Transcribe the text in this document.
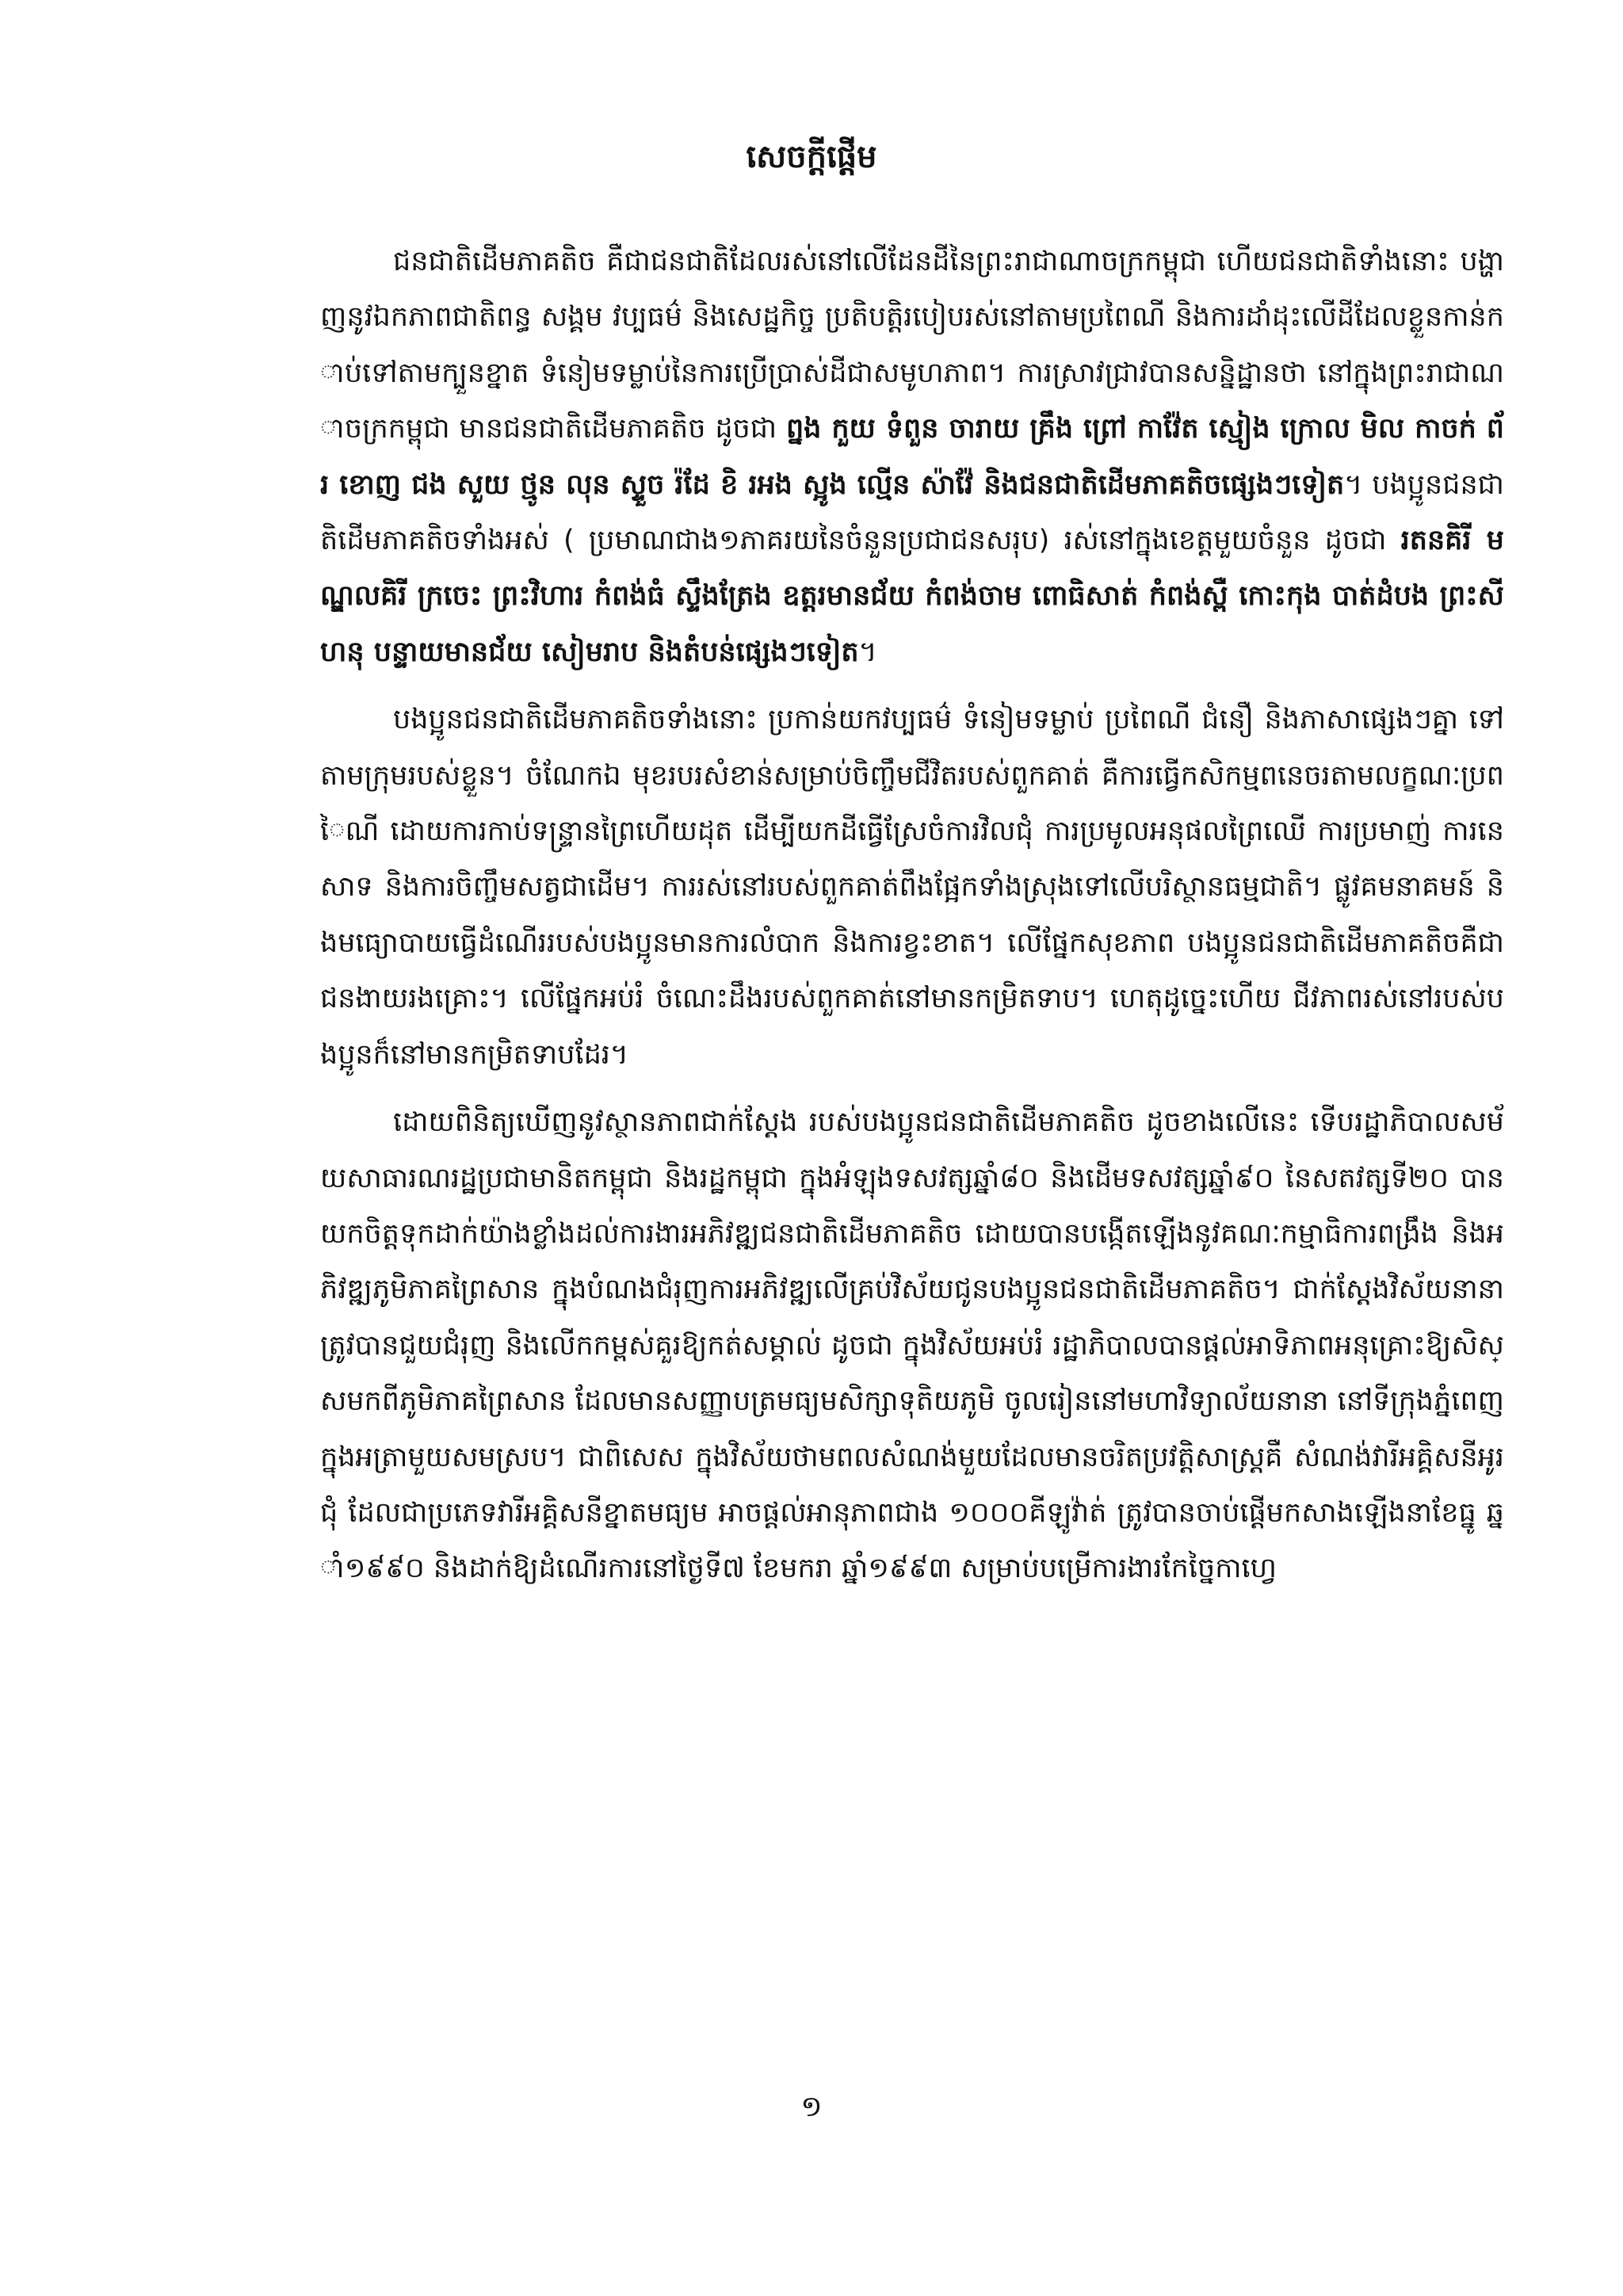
សេចក្តីផ្តើម

ជនជាតិដើមភាគតិច គឺជាជនជាតិដែលរស់នៅលើដែនដីនៃព្រះរាជាណាចក្រកម្ពុជា ហើយជនជាតិទាំងនោះ បង្ហាញនូវឯកភាពជាតិពន្ធ សង្គម វប្បធម៌ និងសេដ្ឋកិច្ច ប្រតិបត្តិរបៀបរស់នៅតាមប្រពៃណី និងការដាំដុះលើដីដែលខ្លួនកាន់កាប់ទៅតាមក្បួនខ្នាត ទំនៀមទម្លាប់នៃការប្រើប្រាស់ដីជាសមូហភាព។ ការស្រាវជ្រាវបានសន្និដ្ឋានថា នៅក្នុងព្រះរាជាណាចក្រកម្ពុជា មានជនជាតិដើមភាគតិច ដូចជា ព្នង កួយ ទំពួន ចារាយ គ្រឹង ព្រៅ កាវ៉ែត ស្មៀង ក្រោល មិល កាចក់ ព័រ ខោញ ជង សួយ ថ្មូន លុន ស្ទួច រ៉ដែ ខិ រអង ស្អូង ល្មើន ស៉ាវ៉ែ និងជនជាតិដើមភាគតិចផ្សេងៗទៀត។ បងប្អូនជនជាតិដើមភាគតិចទាំងអស់ ( ប្រមាណជាង១ភាគរយនៃចំនួនប្រជាជនសរុប) រស់នៅក្នុងខេត្តមួយចំនួន ដូចជា រតនគិរី មណ្ឌលគិរី ក្រចេះ ព្រះវិហារ កំពង់ធំ ស្ទឹងត្រែង ឧត្តរមានជ័យ កំពង់ចាម ពោធិសាត់ កំពង់ស្ពឺ កោះកុង បាត់ដំបង ព្រះសីហនុ បន្ទាយមានជ័យ សៀមរាប និងតំបន់ផ្សេងៗទៀត។

បងប្អូនជនជាតិដើមភាគតិចទាំងនោះ ប្រកាន់យកវប្បធម៌ ទំនៀមទម្លាប់ ប្រពៃណី ជំនឿ និងភាសាផ្សេងៗគ្នា ទៅតាមក្រុមរបស់ខ្លួន។ ចំណែកឯ មុខរបរសំខាន់សម្រាប់ចិញ្ចឹមជីវិតរបស់ពួកគាត់ គឺការធ្វើកសិកម្មពនេចរតាមលក្ខណៈប្រពៃណី ដោយការកាប់ទន្រ្ទានព្រៃហើយដុត ដើម្បីយកដីធ្វើស្រែចំការវិលជុំ ការប្រមូលអនុផលព្រៃឈើ ការប្រមាញ់ ការនេសាទ និងការចិញ្ចឹមសត្វជាដើម។ ការរស់នៅរបស់ពួកគាត់ពឹងផ្អែកទាំងស្រុងទៅលើបរិស្ថានធម្មជាតិ។ ផ្លូវគមនាគមន៍ និងមធ្យោបាយធ្វើដំណើររបស់បងប្អូនមានការលំបាក និងការខ្វះខាត។ លើផ្នែកសុខភាព បងប្អូនជនជាតិដើមភាគតិចគឺជាជនងាយរងគ្រោះ។ លើផ្នែកអប់រំ ចំណេះដឹងរបស់ពួកគាត់នៅមានកម្រិតទាប។ ហេតុដូច្នេះហើយ ជីវភាពរស់នៅរបស់បងប្អូនក៏នៅមានកម្រិតទាបដែរ។

ដោយពិនិត្យឃើញនូវស្ថានភាពជាក់ស្តែង របស់បងប្អូនជនជាតិដើមភាគតិច ដូចខាងលើនេះ ទើបរដ្ឋាភិបាលសម័យសាធារណរដ្ឋប្រជាមានិតកម្ពុជា និងរដ្ឋកម្ពុជា ក្នុងអំឡុងទសវត្សឆ្នាំ៨០ និងដើមទសវត្សឆ្នាំ៩០ នៃសតវត្សទី២០ បានយកចិត្តទុកដាក់យ៉ាងខ្លាំងដល់ការងារអភិវឌ្ឍជនជាតិដើមភាគតិច ដោយបានបង្កើតឡើងនូវគណៈកម្មាធិការពង្រឹង និងអភិវឌ្ឍភូមិភាគព្រៃសាន ក្នុងបំណងជំរុញការអភិវឌ្ឍលើគ្រប់វិស័យជូនបងប្អូនជនជាតិដើមភាគតិច។ ជាក់ស្តែងវិស័យនានាត្រូវបានជួយជំរុញ និងលើកកម្ពស់គួរឱ្យកត់សម្គាល់ ដូចជា ក្នុងវិស័យអប់រំ រដ្ឋាភិបាលបានផ្តល់អាទិភាពអនុគ្រោះឱ្យសិស្សមកពីភូមិភាគព្រៃសាន ដែលមានសញ្ញាបត្រមធ្យមសិក្សាទុតិយភូមិ ចូលរៀននៅមហាវិទ្យាល័យនានា នៅទីក្រុងភ្នំពេញក្នុងអត្រាមួយសមស្រប។ ជាពិសេស ក្នុងវិស័យថាមពលសំណង់មួយដែលមានចរិតប្រវត្តិសាស្ត្រគឺ សំណង់វារីអគ្គិសនីអូរជុំ ដែលជាប្រភេទវារីអគ្គិសនីខ្នាតមធ្យម អាចផ្តល់អានុភាពជាង ១០០០គីឡូវ៉ាត់ ត្រូវបានចាប់ផ្តើមកសាងឡើងនាខែធ្នូ ឆ្នាំ១៩៩០ និងដាក់ឱ្យដំណើរការនៅថ្ងៃទី៧ ខែមករា ឆ្នាំ១៩៩៣ សម្រាប់បម្រើការងារកែច្នៃកាហ្វេ

១
